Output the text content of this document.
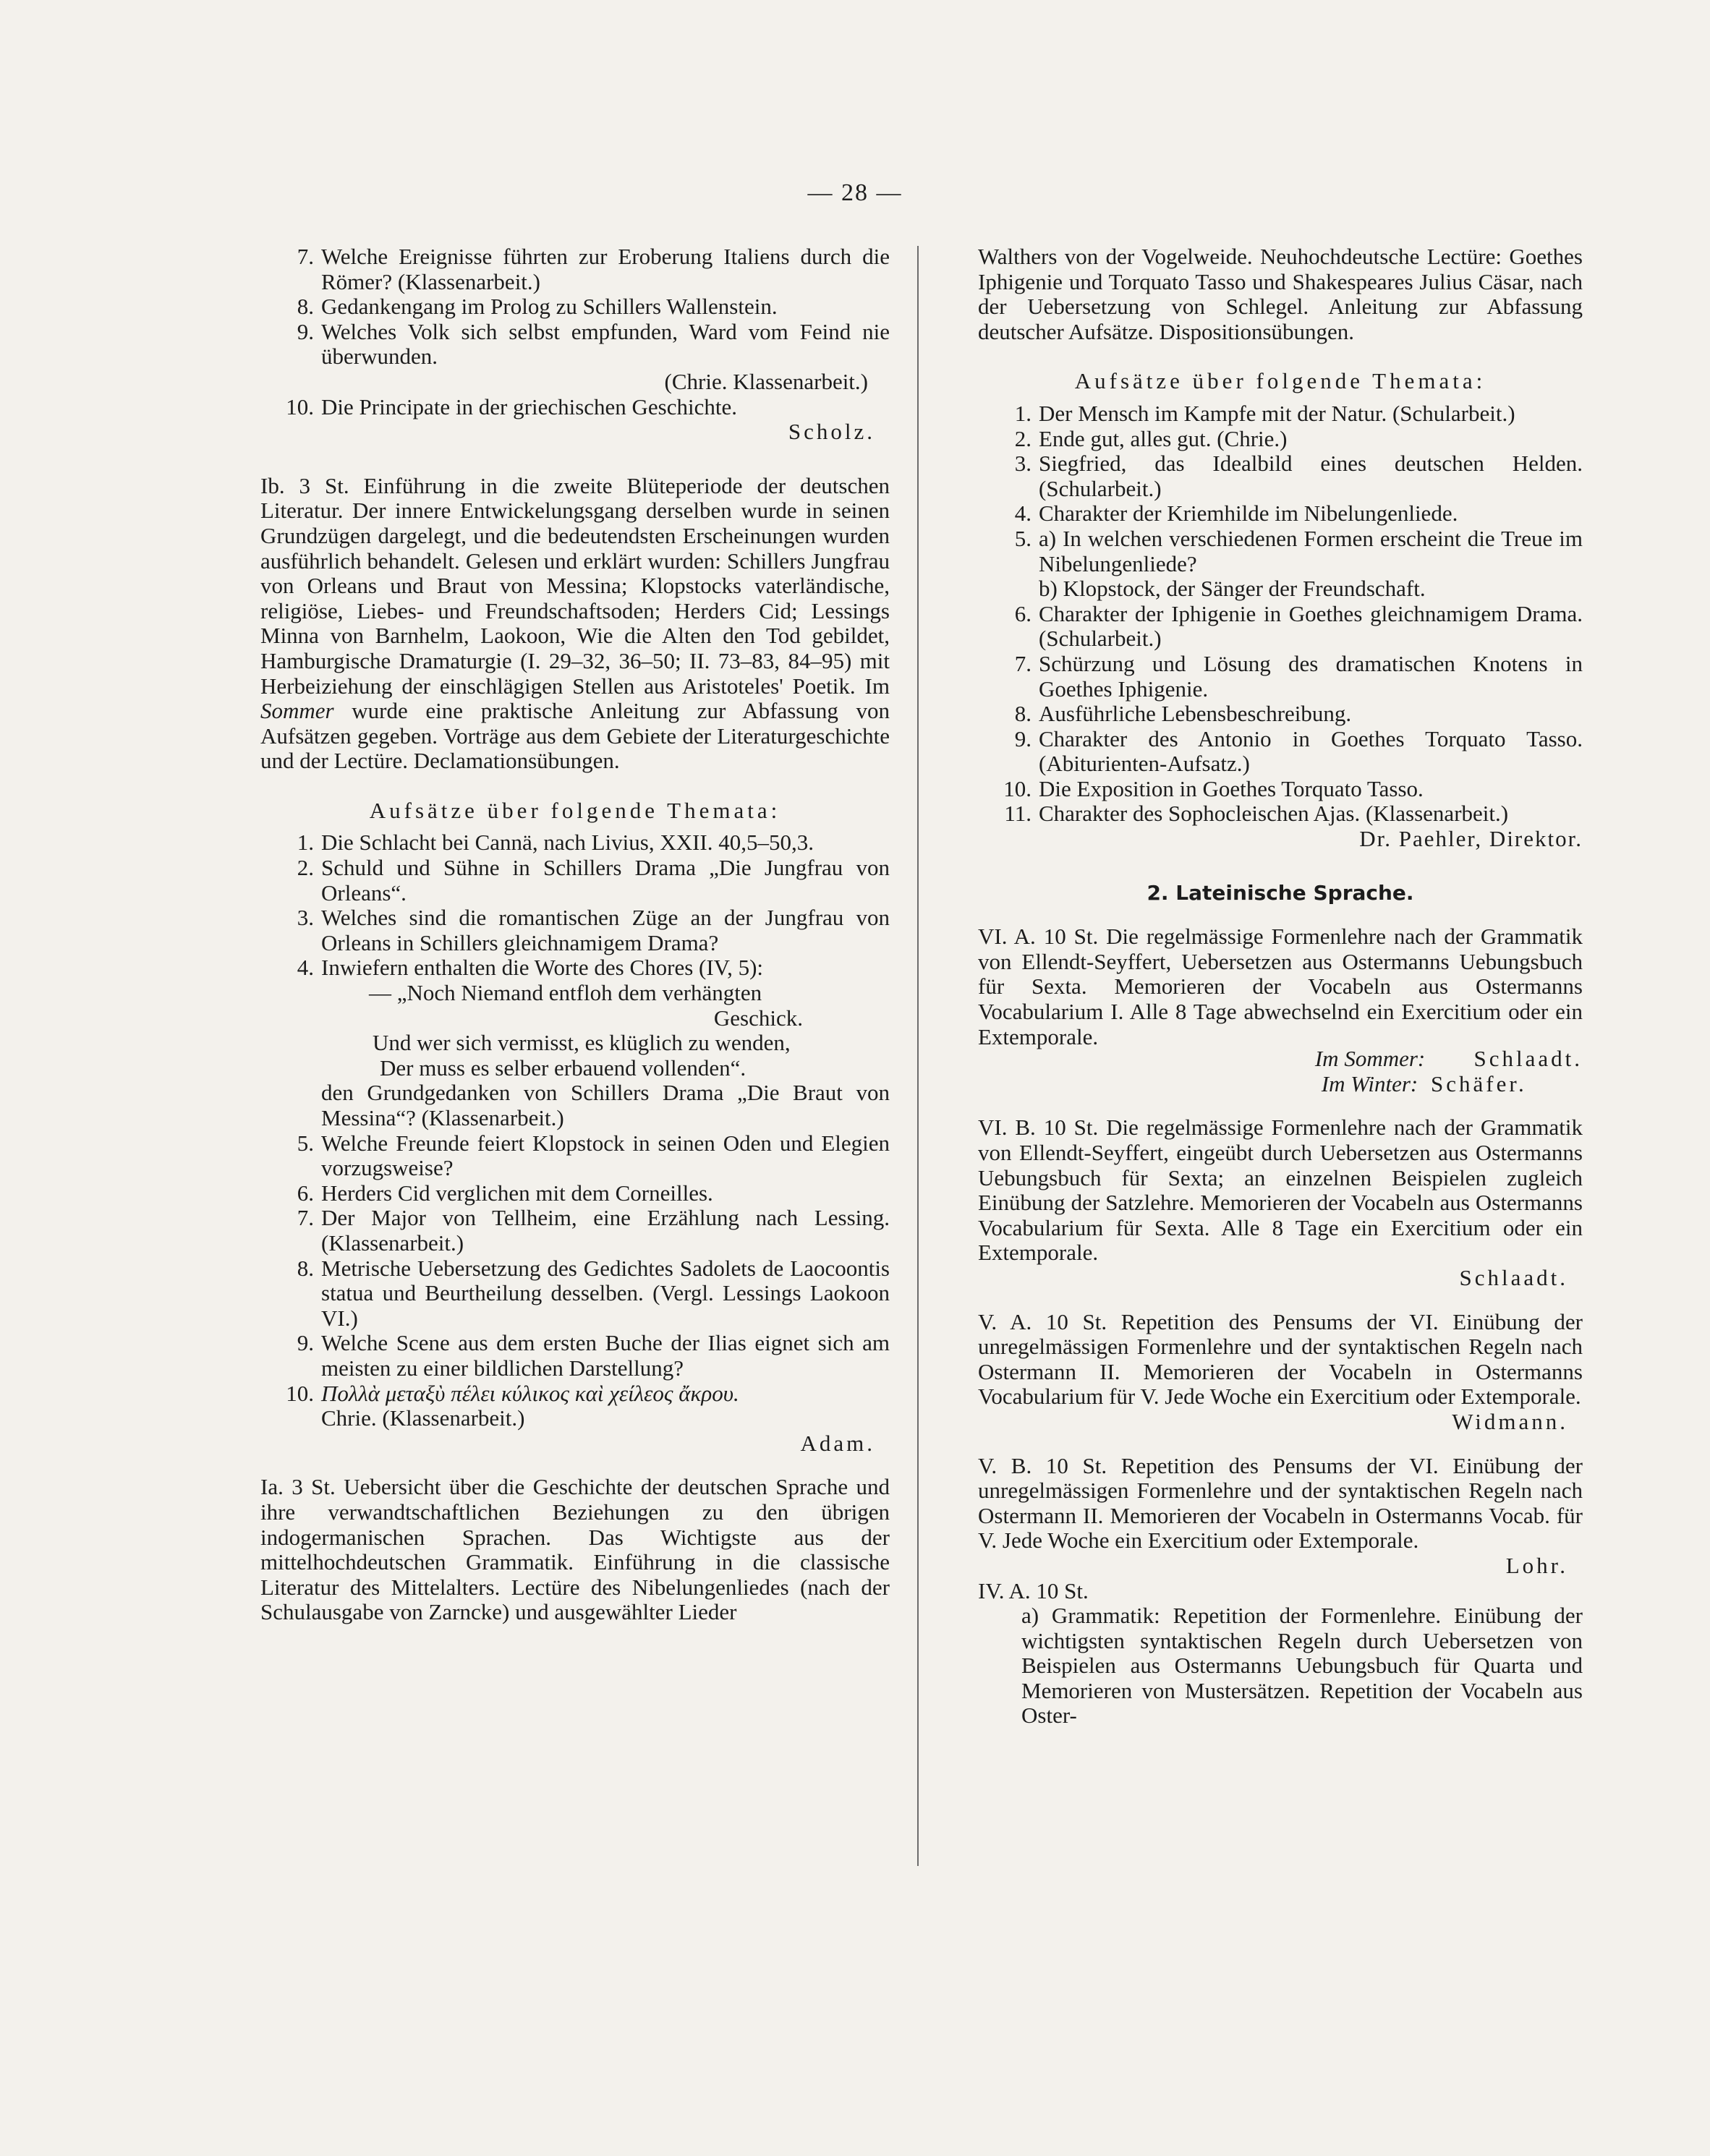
— 28 —
7. Welche Ereignisse führten zur Eroberung Italiens durch die Römer? (Klassenarbeit.)
8. Gedankengang im Prolog zu Schillers Wallenstein.
9. Welches Volk sich selbst empfunden, Ward vom Feind nie überwunden.
(Chrie. Klassenarbeit.)
10. Die Principate in der griechischen Geschichte.
Scholz.

Ib. 3 St. Einführung in die zweite Blüteperiode der deutschen Literatur. Der innere Entwickelungsgang derselben wurde in seinen Grundzügen dargelegt, und die bedeutendsten Erscheinungen wurden ausführlich behandelt. Gelesen und erklärt wurden: Schillers Jungfrau von Orleans und Braut von Messina; Klopstocks vaterländische, religiöse, Liebes- und Freundschaftsoden; Herders Cid; Lessings Minna von Barnhelm, Laokoon, Wie die Alten den Tod gebildet, Hamburgische Dramaturgie (I. 29–32, 36–50; II. 73–83, 84–95) mit Herbeiziehung der einschlägigen Stellen aus Aristoteles' Poetik. Im Sommer wurde eine praktische Anleitung zur Abfassung von Aufsätzen gegeben. Vorträge aus dem Gebiete der Literaturgeschichte und der Lectüre. Declamationsübungen.

Aufsätze über folgende Themata:
1. Die Schlacht bei Cannä, nach Livius, XXII. 40,5–50,3.
2. Schuld und Sühne in Schillers Drama „Die Jungfrau von Orleans“.
3. Welches sind die romantischen Züge an der Jungfrau von Orleans in Schillers gleichnamigem Drama?
4. Inwiefern enthalten die Worte des Chores (IV, 5):
— „Noch Niemand entfloh dem verhängten
Geschick.
Und wer sich vermisst, es klüglich zu wenden,
Der muss es selber erbauend vollenden“.
den Grundgedanken von Schillers Drama „Die Braut von Messina“? (Klassenarbeit.)
5. Welche Freunde feiert Klopstock in seinen Oden und Elegien vorzugsweise?
6. Herders Cid verglichen mit dem Corneilles.
7. Der Major von Tellheim, eine Erzählung nach Lessing. (Klassenarbeit.)
8. Metrische Uebersetzung des Gedichtes Sadolets de Laocoontis statua und Beurtheilung desselben. (Vergl. Lessings Laokoon VI.)
9. Welche Scene aus dem ersten Buche der Ilias eignet sich am meisten zu einer bildlichen Darstellung?
10. Πολλὰ μεταξὺ πέλει κύλικος καὶ χείλεος ἄκρου.
Chrie. (Klassenarbeit.)
Adam.

Ia. 3 St. Uebersicht über die Geschichte der deutschen Sprache und ihre verwandtschaftlichen Beziehungen zu den übrigen indogermanischen Sprachen. Das Wichtigste aus der mittelhochdeutschen Grammatik. Einführung in die classische Literatur des Mittelalters. Lectüre des Nibelungenliedes (nach der Schulausgabe von Zarncke) und ausgewählter Lieder

Walthers von der Vogelweide. Neuhochdeutsche Lectüre: Goethes Iphigenie und Torquato Tasso und Shakespeares Julius Cäsar, nach der Uebersetzung von Schlegel. Anleitung zur Abfassung deutscher Aufsätze. Dispositionsübungen.

Aufsätze über folgende Themata:
1. Der Mensch im Kampfe mit der Natur. (Schularbeit.)
2. Ende gut, alles gut. (Chrie.)
3. Siegfried, das Idealbild eines deutschen Helden. (Schularbeit.)
4. Charakter der Kriemhilde im Nibelungenliede.
5. a) In welchen verschiedenen Formen erscheint die Treue im Nibelungenliede?
b) Klopstock, der Sänger der Freundschaft.
6. Charakter der Iphigenie in Goethes gleichnamigem Drama. (Schularbeit.)
7. Schürzung und Lösung des dramatischen Knotens in Goethes Iphigenie.
8. Ausführliche Lebensbeschreibung.
9. Charakter des Antonio in Goethes Torquato Tasso. (Abiturienten-Aufsatz.)
10. Die Exposition in Goethes Torquato Tasso.
11. Charakter des Sophocleischen Ajas. (Klassenarbeit.)
Dr. Paehler, Direktor.
2. Lateinische Sprache.

VI. A. 10 St. Die regelmässige Formenlehre nach der Grammatik von Ellendt-Seyffert, Uebersetzen aus Ostermanns Uebungsbuch für Sexta. Memorieren der Vocabeln aus Ostermanns Vocabularium I. Alle 8 Tage abwechselnd ein Exercitium oder ein Extemporale.

Im Sommer: Schlaadt.
Im Winter: Schäfer.

VI. B. 10 St. Die regelmässige Formenlehre nach der Grammatik von Ellendt-Seyffert, eingeübt durch Uebersetzen aus Ostermanns Uebungsbuch für Sexta; an einzelnen Beispielen zugleich Einübung der Satzlehre. Memorieren der Vocabeln aus Ostermanns Vocabularium für Sexta. Alle 8 Tage ein Exercitium oder ein Extemporale.

Schlaadt.

V. A. 10 St. Repetition des Pensums der VI. Einübung der unregelmässigen Formenlehre und der syntaktischen Regeln nach Ostermann II. Memorieren der Vocabeln in Ostermanns Vocabularium für V. Jede Woche ein Exercitium oder Extemporale.

Widmann.

V. B. 10 St. Repetition des Pensums der VI. Einübung der unregelmässigen Formenlehre und der syntaktischen Regeln nach Ostermann II. Memorieren der Vocabeln in Ostermanns Vocab. für V. Jede Woche ein Exercitium oder Extemporale.

Lohr.

IV. A. 10 St.

a) Grammatik: Repetition der Formenlehre. Einübung der wichtigsten syntaktischen Regeln durch Uebersetzen von Beispielen aus Ostermanns Uebungsbuch für Quarta und Memorieren von Mustersätzen. Repetition der Vocabeln aus Oster-
